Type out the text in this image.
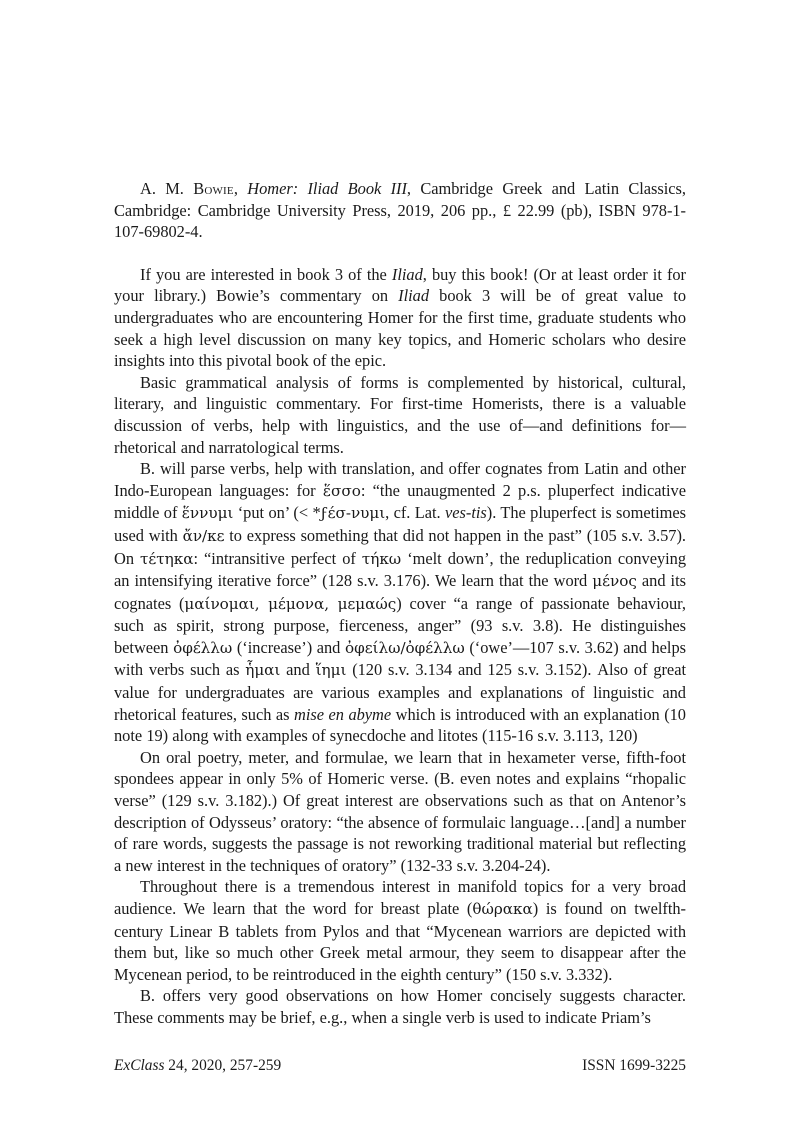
A. M. Bowie, Homer: Iliad Book III, Cambridge Greek and Latin Classics, Cambridge: Cambridge University Press, 2019, 206 pp., £ 22.99 (pb), ISBN 978-1-107-69802-4.

If you are interested in book 3 of the Iliad, buy this book! (Or at least order it for your library.) Bowie’s commentary on Iliad book 3 will be of great value to undergraduates who are encountering Homer for the first time, graduate students who seek a high level discussion on many key topics, and Homeric scholars who desire insights into this pivotal book of the epic.

Basic grammatical analysis of forms is complemented by historical, cultural, literary, and linguistic commentary. For first-time Homerists, there is a valuable discussion of verbs, help with linguistics, and the use of—and definitions for—rhetorical and narratological terms.

B. will parse verbs, help with translation, and offer cognates from Latin and other Indo-European languages: for ἕσσο: “the unaugmented 2 p.s. pluperfect indicative middle of ἕννυμι ‘put on’ (< *ϝέσ-νυμι, cf. Lat. ves-tis). The pluperfect is sometimes used with ἄν/κε to express something that did not happen in the past” (105 s.v. 3.57). On τέτηκα: “intransitive perfect of τήκω ‘melt down’, the reduplication conveying an intensifying iterative force” (128 s.v. 3.176). We learn that the word μένος and its cognates (μαίνομαι, μέμονα, μεμαώς) cover “a range of passionate behaviour, such as spirit, strong purpose, fierceness, anger” (93 s.v. 3.8). He distinguishes between ὀφέλλω (‘increase’) and ὀφείλω/ὀφέλλω (‘owe’—107 s.v. 3.62) and helps with verbs such as ἧμαι and ἵημι (120 s.v. 3.134 and 125 s.v. 3.152). Also of great value for undergraduates are various examples and explanations of linguistic and rhetorical features, such as mise en abyme which is introduced with an explanation (10 note 19) along with examples of synecdoche and litotes (115-16 s.v. 3.113, 120)

On oral poetry, meter, and formulae, we learn that in hexameter verse, fifth-foot spondees appear in only 5% of Homeric verse. (B. even notes and explains “rhopalic verse” (129 s.v. 3.182).) Of great interest are observations such as that on Antenor’s description of Odysseus’ oratory: “the absence of formulaic language…[and] a number of rare words, suggests the passage is not reworking traditional material but reflecting a new interest in the techniques of oratory” (132-33 s.v. 3.204-24).

Throughout there is a tremendous interest in manifold topics for a very broad audience. We learn that the word for breast plate (θώρακα) is found on twelfth-century Linear B tablets from Pylos and that “Mycenean warriors are depicted with them but, like so much other Greek metal armour, they seem to disappear after the Mycenean period, to be reintroduced in the eighth century” (150 s.v. 3.332).

B. offers very good observations on how Homer concisely suggests character. These comments may be brief, e.g., when a single verb is used to indicate Priam’s

ExClass 24, 2020, 257-259	ISSN 1699-3225
